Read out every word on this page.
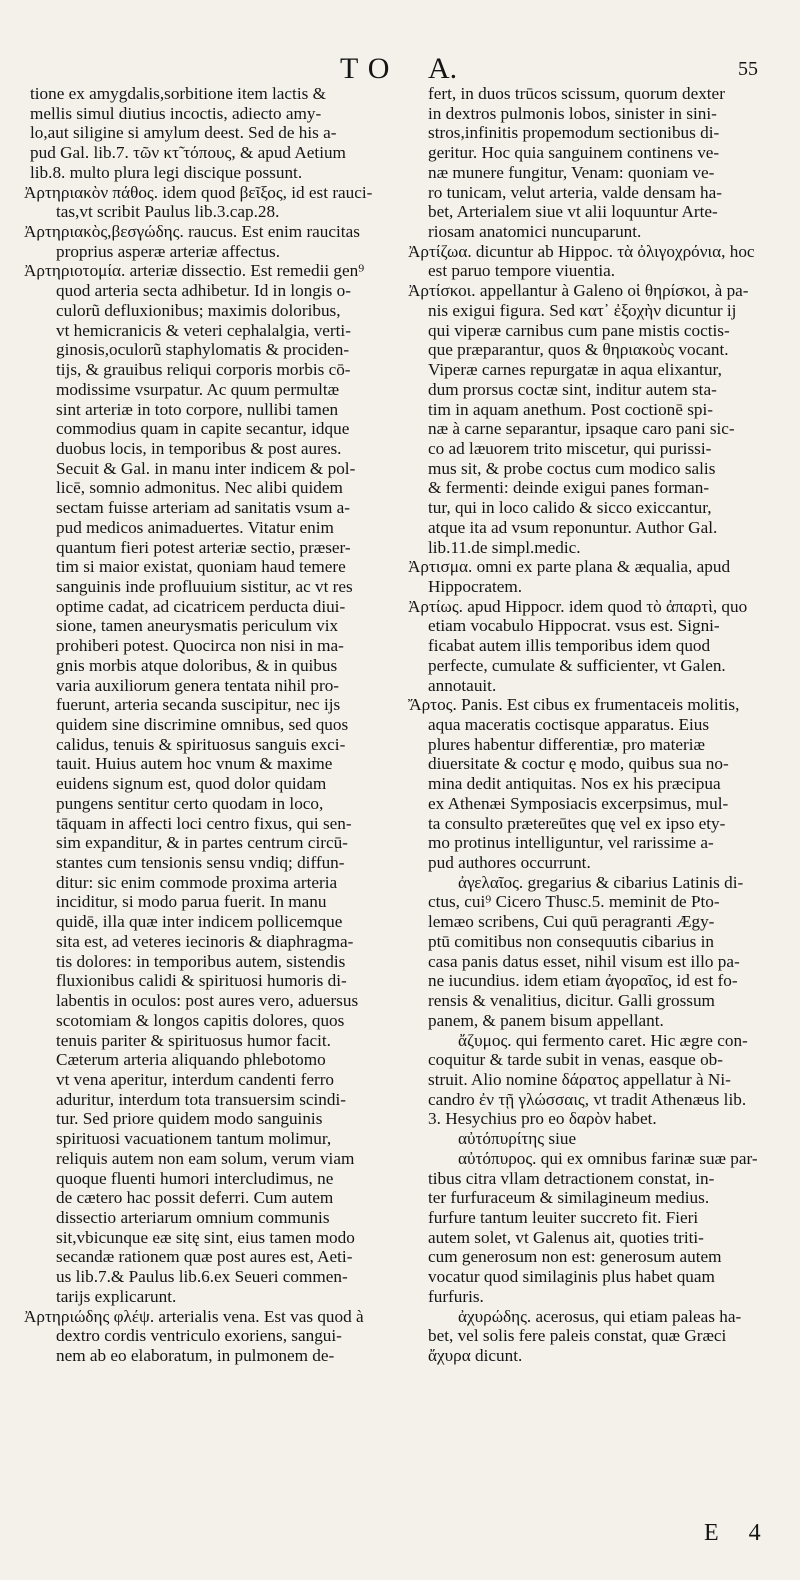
TO A.	55
tione ex amygdalis,sorbitione item lactis &
mellis simul diutius incoctis, adiecto amy-
lo,aut siligine si amylum deest. Sed de his a-
pud Gal. lib.7. τῶν κτ̃ τόπους, & apud Aetium
lib.8. multo plura legi discique possunt.
Ἀρτηριακὸν πάθος. idem quod βεῖξος, id est rauci-
tas,vt scribit Paulus lib.3.cap.28.
Ἀρτηριακὸς,βεσγώδης. raucus. Est enim raucitas
proprius asperæ arteriæ affectus.
Ἀρτηριοτομία. arteriæ dissectio. Est remedii gen⁹
quod arteria secta adhibetur. Id in longis o-
culorũ defluxionibus; maximis doloribus,
vt hemicranicis & veteri cephalalgia, verti-
ginosis,oculorũ staphylomatis & prociden-
tijs, & grauibus reliqui corporis morbis cō-
modissime vsurpatur. Ac quum permultæ
sint arteriæ in toto corpore, nullibi tamen
commodius quam in capite secantur, idque
duobus locis, in temporibus & post aures.
Secuit & Gal. in manu inter indicem & pol-
licē, somnio admonitus. Nec alibi quidem
sectam fuisse arteriam ad sanitatis vsum a-
pud medicos animaduertes. Vitatur enim
quantum fieri potest arteriæ sectio, præser-
tim si maior existat, quoniam haud temere
sanguinis inde profluuium sistitur, ac vt res
optime cadat, ad cicatricem perducta diui-
sione, tamen aneurysmatis periculum vix
prohiberi potest. Quocirca non nisi in ma-
gnis morbis atque doloribus, & in quibus
varia auxiliorum genera tentata nihil pro-
fuerunt, arteria secanda suscipitur, nec ijs
quidem sine discrimine omnibus, sed quos
calidus, tenuis & spirituosus sanguis exci-
tauit. Huius autem hoc vnum & maxime
euidens signum est, quod dolor quidam
pungens sentitur certo quodam in loco,
tāquam in affecti loci centro fixus, qui sen-
sim expanditur, & in partes centrum circū-
stantes cum tensionis sensu vndiq; diffun-
ditur: sic enim commode proxima arteria
inciditur, si modo parua fuerit. In manu
quidē, illa quæ inter indicem pollicemque
sita est, ad veteres iecinoris & diaphragma-
tis dolores: in temporibus autem, sistendis
fluxionibus calidi & spirituosi humoris di-
labentis in oculos: post aures vero, aduersus
scotomiam & longos capitis dolores, quos
tenuis pariter & spirituosus humor facit.
Cæterum arteria aliquando phlebotomo
vt vena aperitur, interdum candenti ferro
aduritur, interdum tota transuersim scindi-
tur. Sed priore quidem modo sanguinis
spirituosi vacuationem tantum molimur,
reliquis autem non eam solum, verum viam
quoque fluenti humori intercludimus, ne
de cætero hac possit deferri. Cum autem
dissectio arteriarum omnium communis
sit,vbicunque eæ sitę sint, eius tamen modo
secandæ rationem quæ post aures est, Aeti-
us lib.7.& Paulus lib.6.ex Seueri commen-
tarijs explicarunt.
Ἀρτηριώδης φλέψ. arterialis vena. Est vas quod à
dextro cordis ventriculo exoriens, sangui-
nem ab eo elaboratum, in pulmonem de-
fert, in duos trūcos scissum, quorum dexter
in dextros pulmonis lobos, sinister in sini-
stros,infinitis propemodum sectionibus di-
geritur. Hoc quia sanguinem continens ve-
næ munere fungitur, Venam: quoniam ve-
ro tunicam, velut arteria, valde densam ha-
bet, Arterialem siue vt alii loquuntur Arte-
riosam anatomici nuncuparunt.
Ἀρτίζωα. dicuntur ab Hippoc. τὰ ὀλιγοχρόνια, hoc
est paruo tempore viuentia.
Ἀρτίσκοι. appellantur à Galeno οἱ θηρίσκοι, à pa-
nis exigui figura. Sed κατ᾿ ἐξοχὴν dicuntur ij
qui viperæ carnibus cum pane mistis coctis-
que præparantur, quos & θηριακοὺς vocant.
Viperæ carnes repurgatæ in aqua elixantur,
dum prorsus coctæ sint, inditur autem sta-
tim in aquam anethum. Post coctionē spi-
næ à carne separantur, ipsaque caro pani sic-
co ad læuorem trito miscetur, qui purissi-
mus sit, & probe coctus cum modico salis
& fermenti: deinde exigui panes forman-
tur, qui in loco calido & sicco exiccantur,
atque ita ad vsum reponuntur. Author Gal.
lib.11.de simpl.medic.
Ἀρτισμα. omni ex parte plana & æqualia, apud
Hippocratem.
Ἀρτίως. apud Hippocr. idem quod τὸ ἀπαρτὶ, quo
etiam vocabulo Hippocrat. vsus est. Signi-
ficabat autem illis temporibus idem quod
perfecte, cumulate & sufficienter, vt Galen.
annotauit.
Ἄρτος. Panis. Est cibus ex frumentaceis molitis,
aqua maceratis coctisque apparatus. Eius
plures habentur differentiæ, pro materiæ
diuersitate & coctur ę modo, quibus sua no-
mina dedit antiquitas. Nos ex his præcipua
ex Athenæi Symposiacis excerpsimus, mul-
ta consulto prætereūtes quę vel ex ipso ety-
mo protinus intelliguntur, vel rarissime a-
pud authores occurrunt.
ἀγελαῖος. gregarius & cibarius Latinis di-
ctus, cui⁹ Cicero Thusc.5. meminit de Pto-
lemæo scribens, Cui quū peragranti Ægy-
ptū comitibus non consequutis cibarius in
casa panis datus esset, nihil visum est illo pa-
ne iucundius. idem etiam ἀγοραῖος, id est fo-
rensis & venalitius, dicitur. Galli grossum
panem, & panem bisum appellant.
ἄζυμος. qui fermento caret. Hic ægre con-
coquitur & tarde subit in venas, easque ob-
struit. Alio nomine δάρατος appellatur à Ni-
candro ἐν τῇ γλώσσαις, vt tradit Athenæus lib.
3. Hesychius pro eo δαρὸν habet.
αὐτόπυρίτης siue
αὐτόπυρος. qui ex omnibus farinæ suæ par-
tibus citra vllam detractionem constat, in-
ter furfuraceum & similagineum medius.
furfure tantum leuiter succreto fit. Fieri
autem solet, vt Galenus ait, quoties triti-
cum generosum non est: generosum autem
vocatur quod similaginis plus habet quam
furfuris.
ἀχυρώδης. acerosus, qui etiam paleas ha-
bet, vel solis fere paleis constat, quæ Græci
ἄχυρα dicunt.
E 4
